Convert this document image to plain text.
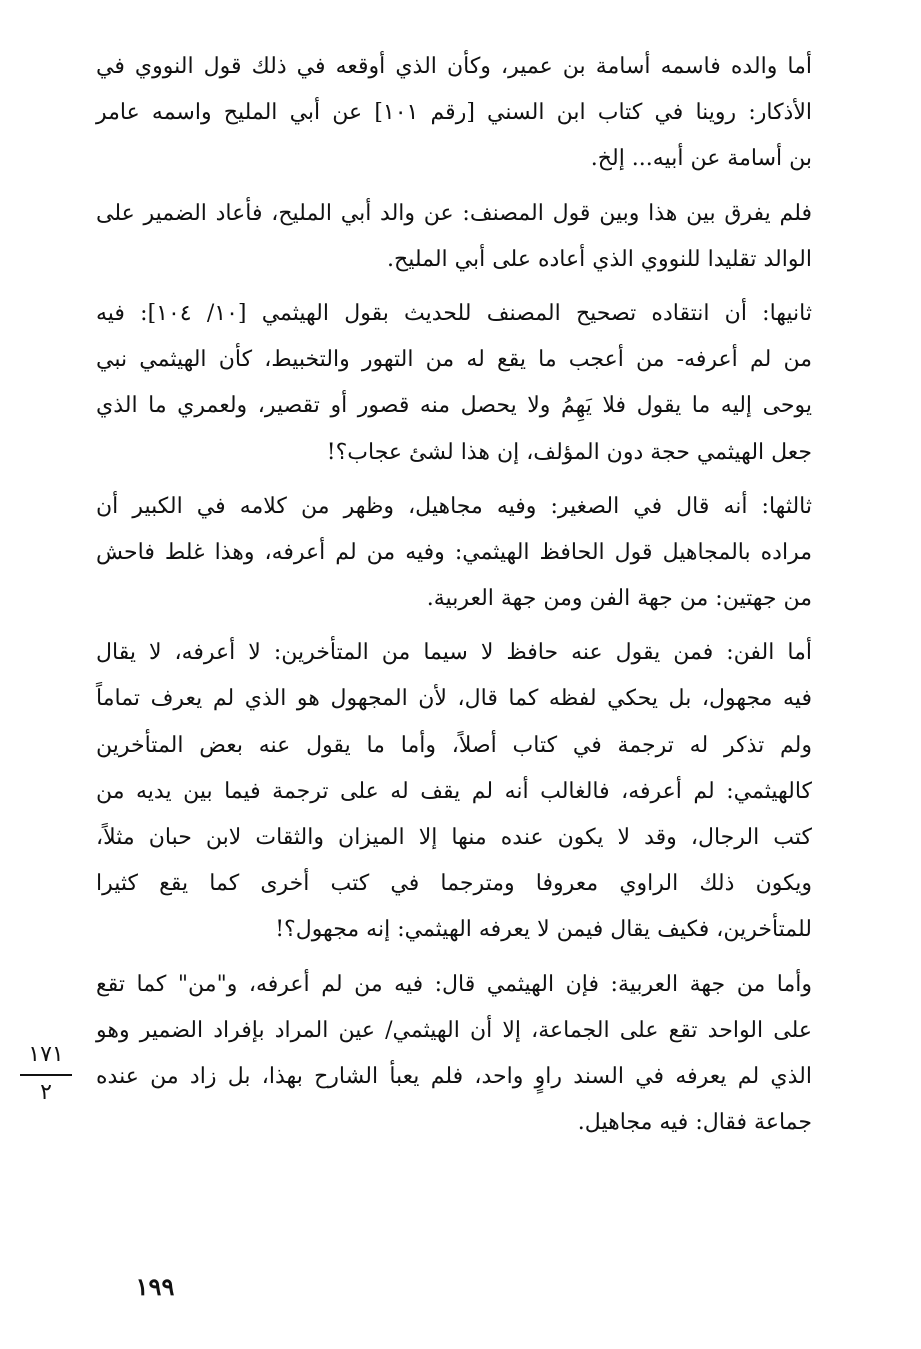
أما والده فاسمه أسامة بن عمير، وكأن الذي أوقعه في ذلك قول النووي في
الأذكار: روينا في كتاب ابن السني [رقم ١٠١] عن أبي المليح واسمه عامر
بن أسامة عن أبيه... إلخ.
فلم يفرق بين هذا وبين قول المصنف: عن والد أبي المليح، فأعاد الضمير على
الوالد تقليدا للنووي الذي أعاده على أبي المليح.
ثانيها: أن انتقاده تصحيح المصنف للحديث بقول الهيثمي [١٠/ ١٠٤]: فيه
من لم أعرفه- من أعجب ما يقع له من التهور والتخبيط، كأن الهيثمي نبي
يوحى إليه ما يقول فلا يَهِمُ ولا يحصل منه قصور أو تقصير، ولعمري ما الذي
جعل الهيثمي حجة دون المؤلف، إن هذا لشئ عجاب؟!
ثالثها: أنه قال في الصغير: وفيه مجاهيل، وظهر من كلامه في الكبير أن
مراده بالمجاهيل قول الحافظ الهيثمي: وفيه من لم أعرفه، وهذا غلط فاحش
من جهتين: من جهة الفن ومن جهة العربية.
أما الفن: فمن يقول عنه حافظ لا سيما من المتأخرين: لا أعرفه، لا يقال
فيه مجهول، بل يحكي لفظه كما قال، لأن المجهول هو الذي لم يعرف تماماً
ولم تذكر له ترجمة في كتاب أصلاً، وأما ما يقول عنه بعض المتأخرين
كالهيثمي: لم أعرفه، فالغالب أنه لم يقف له على ترجمة فيما بين يديه من
كتب الرجال، وقد لا يكون عنده منها إلا الميزان والثقات لابن حبان مثلاً،
ويكون ذلك الراوي معروفا ومترجما في كتب أخرى كما يقع كثيرا
للمتأخرين، فكيف يقال فيمن لا يعرفه الهيثمي: إنه مجهول؟!
وأما من جهة العربية: فإن الهيثمي قال: فيه من لم أعرفه، و"من" كما تقع
على الواحد تقع على الجماعة، إلا أن الهيثمي/ عين المراد بإفراد الضمير وهو
الذي لم يعرفه في السند راوٍ واحد، فلم يعبأ الشارح بهذا، بل زاد من عنده
جماعة فقال: فيه مجاهيل.
١٧١
٢
١٩٩
